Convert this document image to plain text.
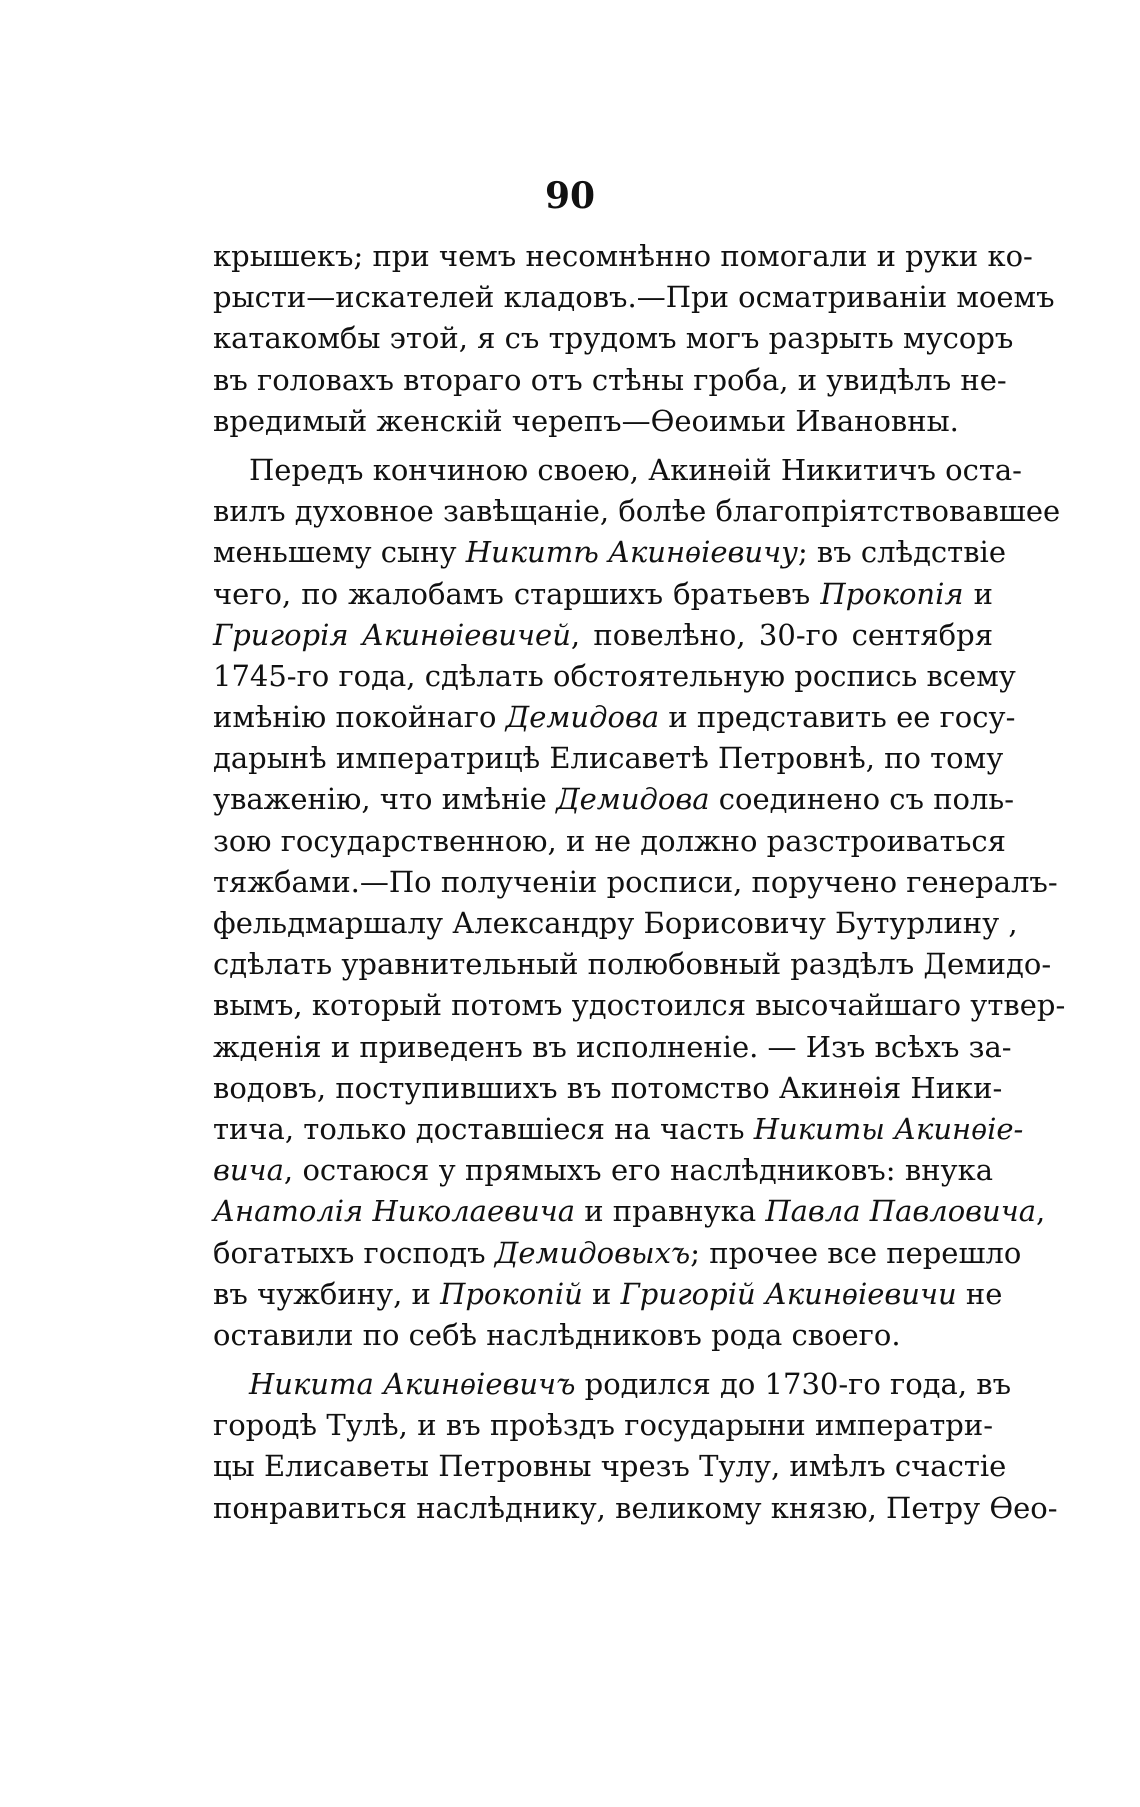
90
крышекъ; при чемъ несомнѣнно помогали и руки ко-
рысти—искателей кладовъ.—При осматриваніи моемъ
катакомбы этой, я съ трудомъ могъ разрыть мусоръ
въ головахъ втораго отъ стѣны гроба, и увидѣлъ не-
вредимый женскій черепъ—Ѳеоимьи Ивановны.
Передъ кончиною своею, Акинѳій Никитичъ оста-
вилъ духовное завѣщаніе, болѣе благопріятствовавшее
меньшему сыну Никитѣ Акинѳіевичу; въ слѣдствіе
чего, по жалобамъ старшихъ братьевъ Прокопія и
Григорія Акинѳіевичей, повелѣно, 30-го сентября
1745-го года, сдѣлать обстоятельную роспись всему
имѣнію покойнаго Демидова и представить ее госу-
дарынѣ императрицѣ Елисаветѣ Петровнѣ, по тому
уваженію, что имѣніе Демидова соединено съ поль-
зою государственною, и не должно разстроиваться
тяжбами.—По полученіи росписи, поручено генералъ-
фельдмаршалу Александру Борисовичу Бутурлину ,
сдѣлать уравнительный полюбовный раздѣлъ Демидо-
вымъ, который потомъ удостоился высочайшаго утвер-
жденія и приведенъ въ исполненіе. — Изъ всѣхъ за-
водовъ, поступившихъ въ потомство Акинѳія Ники-
тича, только доставшіеся на часть Никиты Акинѳіе-
вича, остаюся у прямыхъ его наслѣдниковъ: внука
Анатолія Николаевича и правнука Павла Павловича,
богатыхъ господъ Демидовыхъ; прочее все перешло
въ чужбину, и Прокопій и Григорій Акинѳіевичи не
оставили по себѣ наслѣдниковъ рода своего.
Никита Акинѳіевичъ родился до 1730-го года, въ
городѣ Тулѣ, и въ проѣздъ государыни императри-
цы Елисаветы Петровны чрезъ Тулу, имѣлъ счастіе
понравиться наслѣднику, великому князю, Петру Ѳео-
